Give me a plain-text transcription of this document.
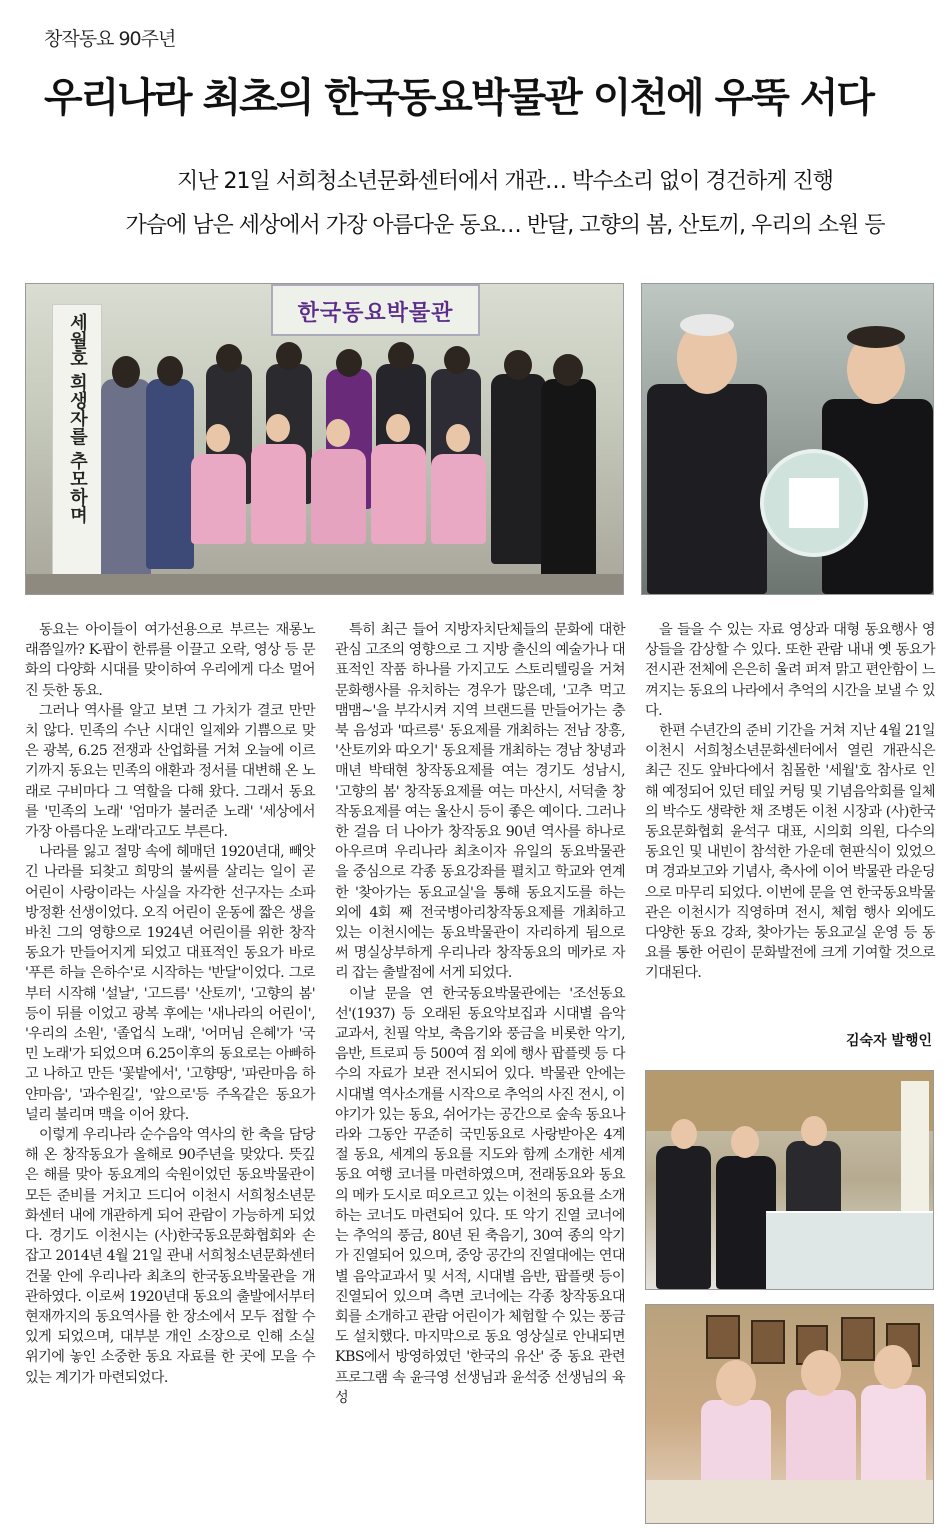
창작동요 90주년
우리나라 최초의 한국동요박물관 이천에 우뚝 서다
지난 21일 서희청소년문화센터에서 개관… 박수소리 없이 경건하게 진행
가슴에 남은 세상에서 가장 아름다운 동요… 반달, 고향의 봄, 산토끼, 우리의 소원 등
한국동요박물관
세월호 희생자를 추모하며

동요는 아이들이 여가선용으로 부르는 재롱노래쯤일까? K-팝이 한류를 이끌고 오락, 영상 등 문화의 다양화 시대를 맞이하여 우리에게 다소 멀어진 듯한 동요.

그러나 역사를 알고 보면 그 가치가 결코 만만치 않다. 민족의 수난 시대인 일제와 기쁨으로 맞은 광복, 6.25 전쟁과 산업화를 거쳐 오늘에 이르기까지 동요는 민족의 애환과 정서를 대변해 온 노래로 구비마다 그 역할을 다해 왔다. 그래서 동요를 '민족의 노래' '엄마가 불러준 노래' '세상에서 가장 아름다운 노래'라고도 부른다.

나라를 잃고 절망 속에 헤매던 1920년대, 빼앗긴 나라를 되찾고 희망의 불씨를 살리는 일이 곧 어린이 사랑이라는 사실을 자각한 선구자는 소파 방정환 선생이었다. 오직 어린이 운동에 짧은 생을 바친 그의 영향으로 1924년 어린이를 위한 창작동요가 만들어지게 되었고 대표적인 동요가 바로 '푸른 하늘 은하수'로 시작하는 '반달'이었다. 그로부터 시작해 '설날', '고드름' '산토끼', '고향의 봄' 등이 뒤를 이었고 광복 후에는 '새나라의 어린이', '우리의 소원', '졸업식 노래', '어머님 은혜'가 '국민 노래'가 되었으며 6.25이후의 동요로는 아빠하고 나하고 만든 '꽃밭에서', '고향땅', '파란마음 하얀마음', '과수원길', '앞으로'등 주옥같은 동요가 널리 불리며 맥을 이어 왔다.

이렇게 우리나라 순수음악 역사의 한 축을 담당해 온 창작동요가 올해로 90주년을 맞았다. 뜻깊은 해를 맞아 동요계의 숙원이었던 동요박물관이 모든 준비를 거치고 드디어 이천시 서희청소년문화센터 내에 개관하게 되어 관람이 가능하게 되었다. 경기도 이천시는 (사)한국동요문화협회와 손잡고 2014년 4월 21일 관내 서희청소년문화센터 건물 안에 우리나라 최초의 한국동요박물관을 개관하였다. 이로써 1920년대 동요의 출발에서부터 현재까지의 동요역사를 한 장소에서 모두 접할 수 있게 되었으며, 대부분 개인 소장으로 인해 소실 위기에 놓인 소중한 동요 자료를 한 곳에 모을 수 있는 계기가 마련되었다.

특히 최근 들어 지방자치단체들의 문화에 대한 관심 고조의 영향으로 그 지방 출신의 예술가나 대표적인 작품 하나를 가지고도 스토리텔링을 거쳐 문화행사를 유치하는 경우가 많은데, '고추 먹고 맴맴~'을 부각시켜 지역 브랜드를 만들어가는 충북 음성과 '따르릉' 동요제를 개최하는 전남 장흥, '산토끼와 따오기' 동요제를 개최하는 경남 창녕과 매년 박태현 창작동요제를 여는 경기도 성남시, '고향의 봄' 창작동요제를 여는 마산시, 서덕출 창작동요제를 여는 울산시 등이 좋은 예이다. 그러나 한 걸음 더 나아가 창작동요 90년 역사를 하나로 아우르며 우리나라 최초이자 유일의 동요박물관을 중심으로 각종 동요강좌를 펼치고 학교와 연계한 '찾아가는 동요교실'을 통해 동요지도를 하는 외에 4회 째 전국병아리창작동요제를 개최하고 있는 이천시에는 동요박물관이 자리하게 됨으로써 명실상부하게 우리나라 창작동요의 메카로 자리 잡는 출발점에 서게 되었다.

이날 문을 연 한국동요박물관에는 '조선동요선'(1937) 등 오래된 동요악보집과 시대별 음악 교과서, 친필 악보, 축음기와 풍금을 비롯한 악기, 음반, 트로피 등 500여 점 외에 행사 팝플렛 등 다수의 자료가 보관 전시되어 있다. 박물관 안에는 시대별 역사소개를 시작으로 추억의 사진 전시, 이야기가 있는 동요, 쉬어가는 공간으로 숲속 동요나라와 그동안 꾸준히 국민동요로 사랑받아온 4계절 동요, 세계의 동요를 지도와 함께 소개한 세계 동요 여행 코너를 마련하였으며, 전래동요와 동요의 메카 도시로 떠오르고 있는 이천의 동요를 소개하는 코너도 마련되어 있다. 또 악기 진열 코너에는 추억의 풍금, 80년 된 축음기, 30여 종의 악기가 진열되어 있으며, 중앙 공간의 진열대에는 연대별 음악교과서 및 서적, 시대별 음반, 팝플랫 등이 진열되어 있으며 측면 코너에는 각종 창작동요대회를 소개하고 관람 어린이가 체험할 수 있는 풍금도 설치했다. 마지막으로 동요 영상실로 안내되면 KBS에서 방영하였던 '한국의 유산' 중 동요 관련 프로그램 속 윤극영 선생님과 윤석중 선생님의 육성

을 들을 수 있는 자료 영상과 대형 동요행사 영상들을 감상할 수 있다. 또한 관람 내내 옛 동요가 전시관 전체에 은은히 울려 퍼져 맑고 편안함이 느껴지는 동요의 나라에서 추억의 시간을 보낼 수 있다.

한편 수년간의 준비 기간을 거쳐 지난 4월 21일 이천시 서희청소년문화센터에서 열린 개관식은 최근 진도 앞바다에서 침몰한 '세월'호 참사로 인해 예정되어 있던 테잎 커팅 및 기념음악회를 일체의 박수도 생략한 채 조병돈 이천 시장과 (사)한국동요문화협회 윤석구 대표, 시의회 의원, 다수의 동요인 및 내빈이 참석한 가운데 현판식이 있었으며 경과보고와 기념사, 축사에 이어 박물관 라운딩으로 마무리 되었다. 이번에 문을 연 한국동요박물관은 이천시가 직영하며 전시, 체험 행사 외에도 다양한 동요 강좌, 찾아가는 동요교실 운영 등 동요를 통한 어린이 문화발전에 크게 기여할 것으로 기대된다.

김숙자 발행인
